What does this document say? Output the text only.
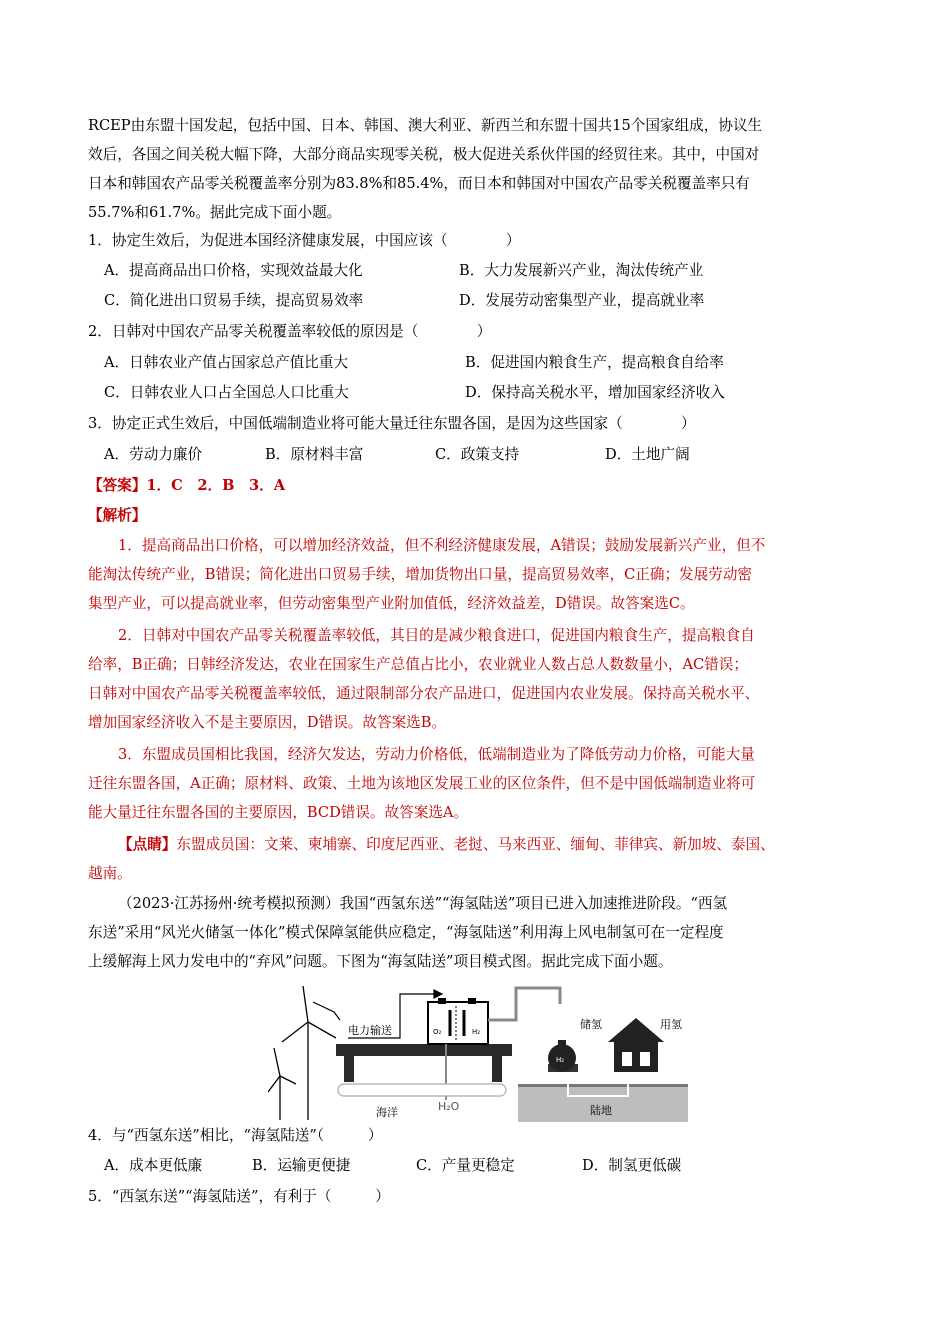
RCEP由东盟十国发起，包括中国、日本、韩国、澳大利亚、新西兰和东盟十国共15个国家组成，协议生
效后，各国之间关税大幅下降，大部分商品实现零关税，极大促进关系伙伴国的经贸往来。其中，中国对
日本和韩国农产品零关税覆盖率分别为83.8%和85.4%，而日本和韩国对中国农产品零关税覆盖率只有
55.7%和61.7%。据此完成下面小题。
1．协定生效后，为促进本国经济健康发展，中国应该（　　　　）
A．提高商品出口价格，实现效益最大化	B．大力发展新兴产业，淘汰传统产业
C．简化进出口贸易手续，提高贸易效率	D．发展劳动密集型产业，提高就业率
2．日韩对中国农产品零关税覆盖率较低的原因是（　　　　）
A．日韩农业产值占国家总产值比重大	B．促进国内粮食生产，提高粮食自给率
C．日韩农业人口占全国总人口比重大	D．保持高关税水平，增加国家经济收入
3．协定正式生效后，中国低端制造业将可能大量迁往东盟各国，是因为这些国家（　　　　）
A．劳动力廉价	B．原材料丰富	C．政策支持	D．土地广阔
【答案】1．C　2．B　3．A
【解析】
1．提高商品出口价格，可以增加经济效益，但不利经济健康发展，A错误；鼓励发展新兴产业，但不
能淘汰传统产业，B错误；简化进出口贸易手续，增加货物出口量，提高贸易效率，C正确；发展劳动密
集型产业，可以提高就业率，但劳动密集型产业附加值低，经济效益差，D错误。故答案选C。
2．日韩对中国农产品零关税覆盖率较低，其目的是减少粮食进口，促进国内粮食生产，提高粮食自
给率，B正确；日韩经济发达，农业在国家生产总值占比小，农业就业人数占总人数数量小，AC错误；
日韩对中国农产品零关税覆盖率较低，通过限制部分农产品进口，促进国内农业发展。保持高关税水平、
增加国家经济收入不是主要原因，D错误。故答案选B。
3．东盟成员国相比我国，经济欠发达，劳动力价格低，低端制造业为了降低劳动力价格，可能大量
迁往东盟各国，A正确；原材料、政策、土地为该地区发展工业的区位条件，但不是中国低端制造业将可
能大量迁往东盟各国的主要原因，BCD错误。故答案选A。
【点睛】东盟成员国：文莱、柬埔寨、印度尼西亚、老挝、马来西亚、缅甸、菲律宾、新加坡、泰国、
越南。
（2023·江苏扬州·统考模拟预测）我国“西氢东送”“海氢陆送”项目已进入加速推进阶段。“西氢
东送”采用“风光火储氢一体化”模式保障氢能供应稳定，“海氢陆送”利用海上风电制氢可在一定程度
上缓解海上风力发电中的“弃风”问题。下图为“海氢陆送”项目模式图。据此完成下面小题。
O₂	H₂
H₂
电力输送	储氢	用氢
海洋	H₂O	陆地
4．与“西氢东送”相比，“海氢陆送”（　　　）
A．成本更低廉	B．运输更便捷	C．产量更稳定	D．制氢更低碳
5．“西氢东送”“海氢陆送”，有利于（　　　）
